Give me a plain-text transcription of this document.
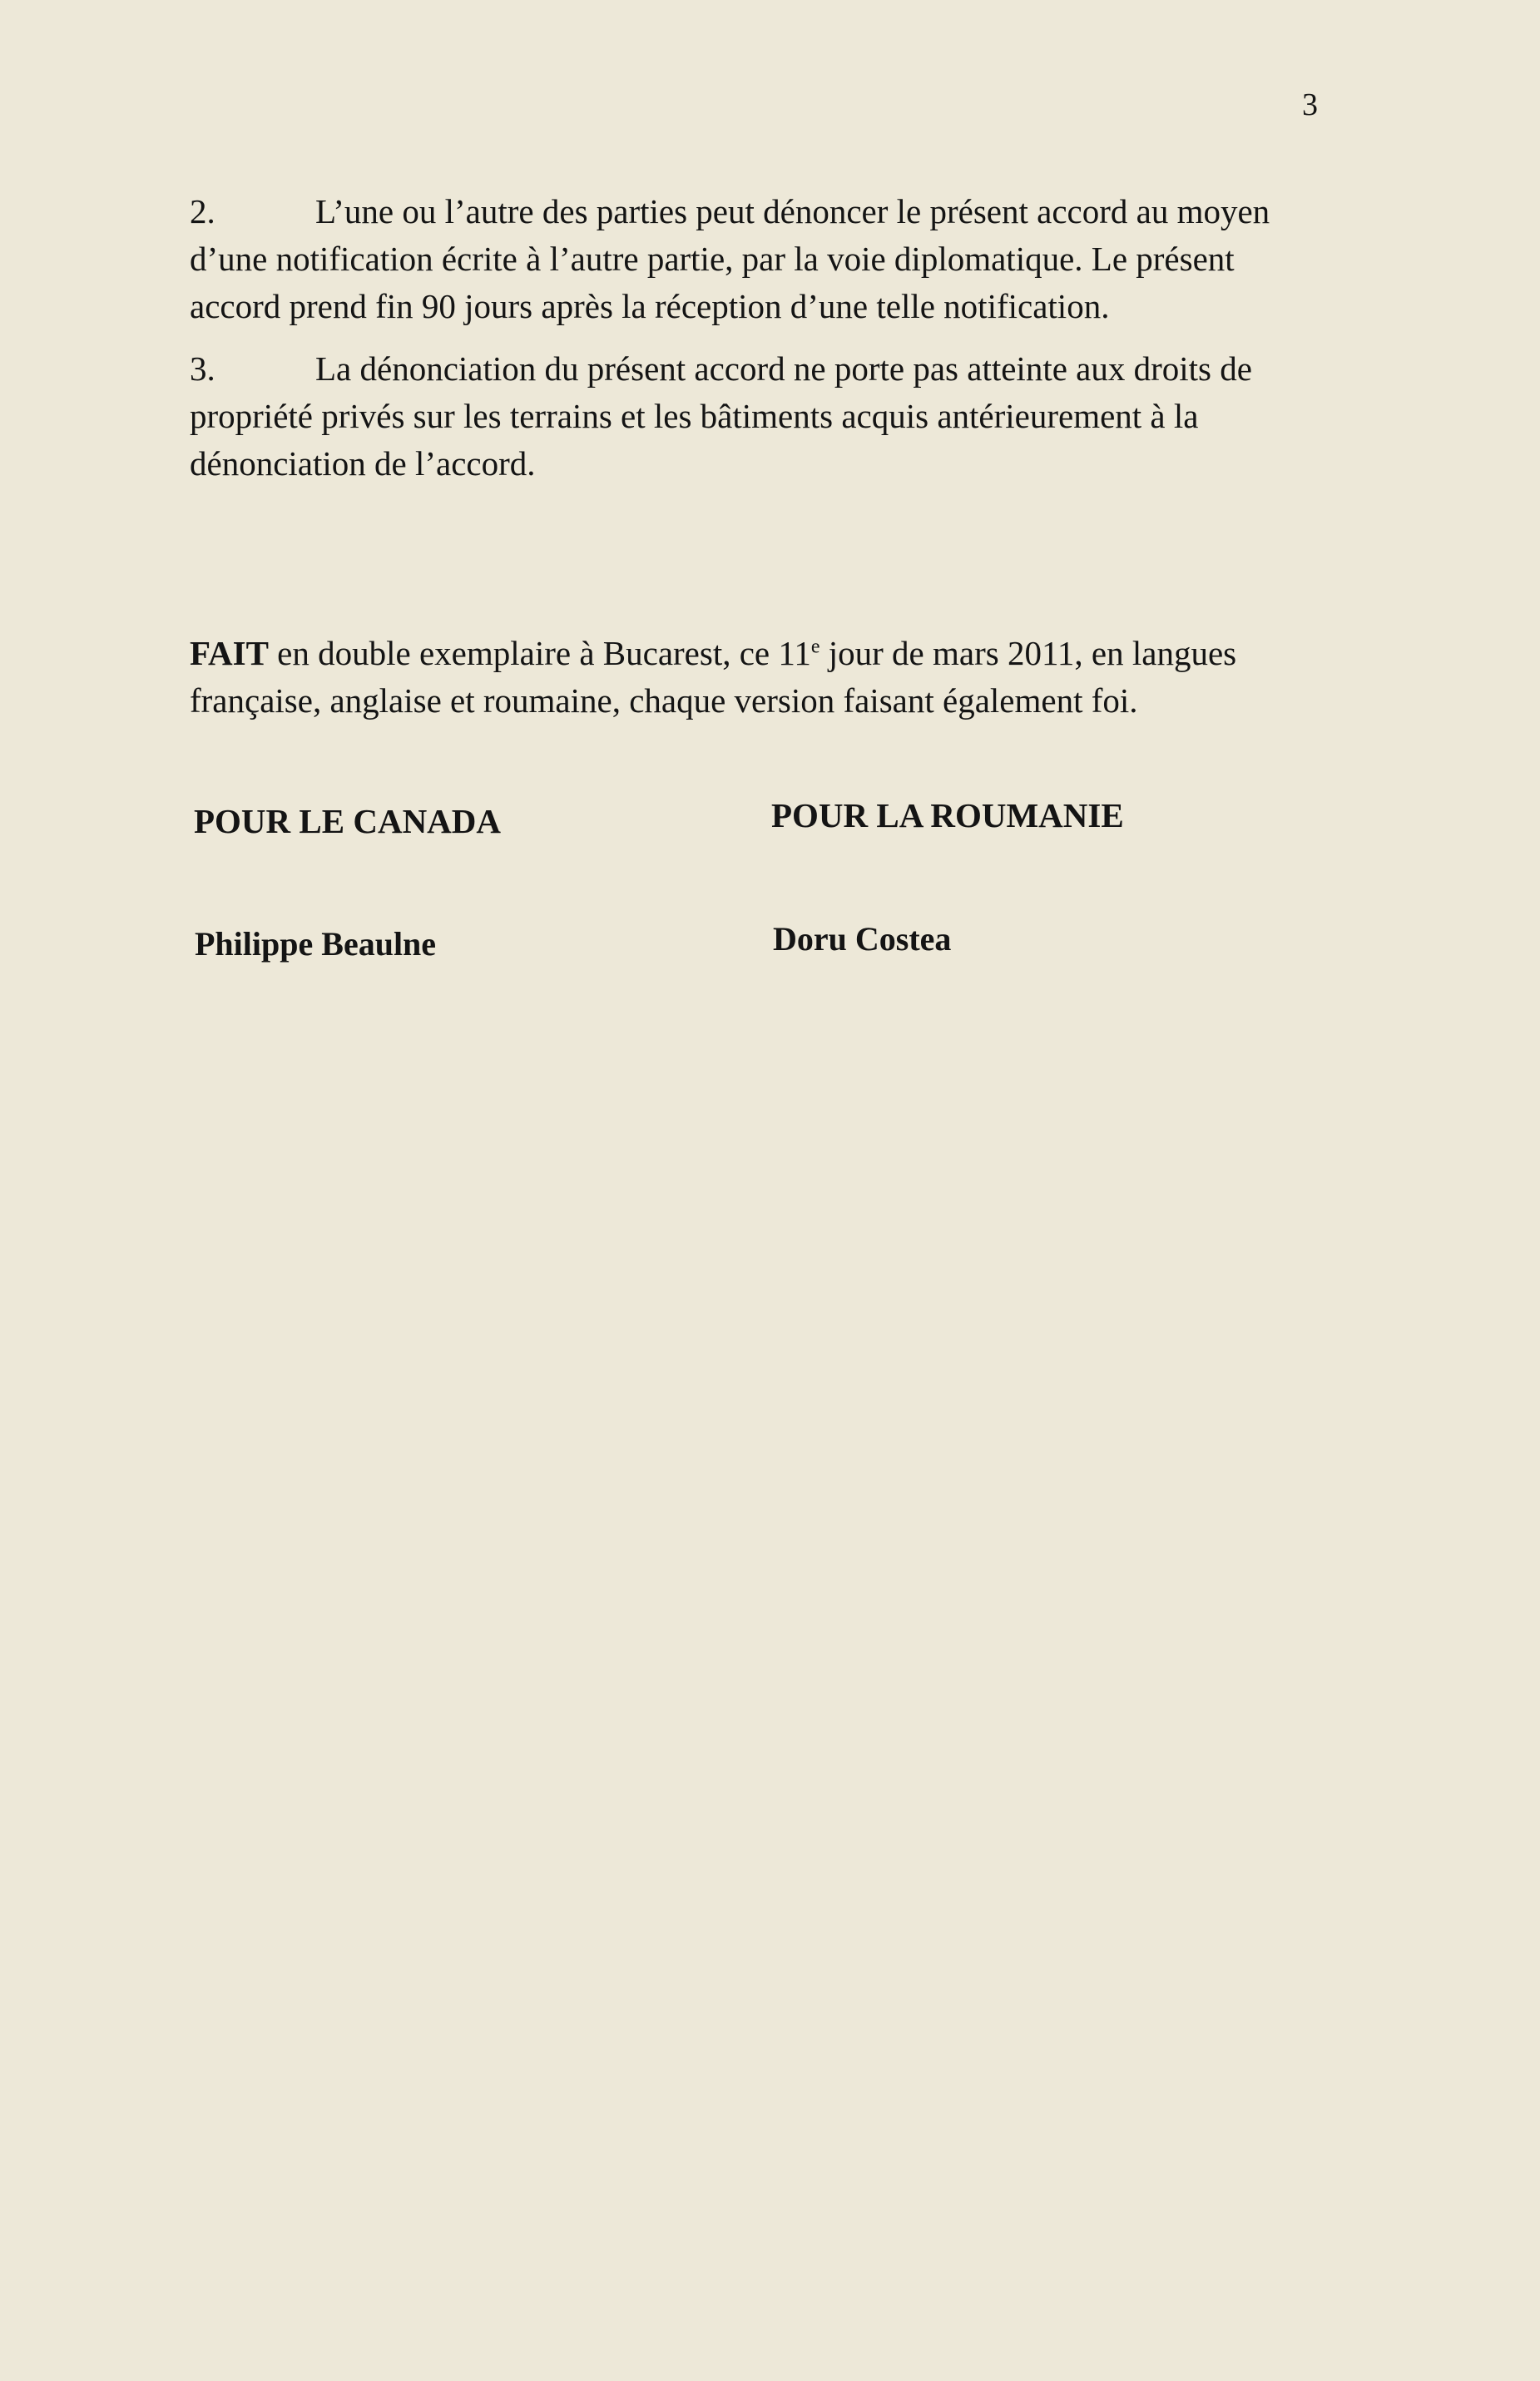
3

2.	L’une ou l’autre des parties peut dénoncer le présent accord au moyen d’une notification écrite à l’autre partie, par la voie diplomatique. Le présent accord prend fin 90 jours après la réception d’une telle notification.

3.	La dénonciation du présent accord ne porte pas atteinte aux droits de propriété privés sur les terrains et les bâtiments acquis antérieurement à la dénonciation de l’accord.

FAIT en double exemplaire à Bucarest, ce 11e jour de mars 2011, en langues française, anglaise et roumaine, chaque version faisant également foi.

POUR LE CANADA	POUR LA ROUMANIE
Philippe Beaulne	Doru Costea
